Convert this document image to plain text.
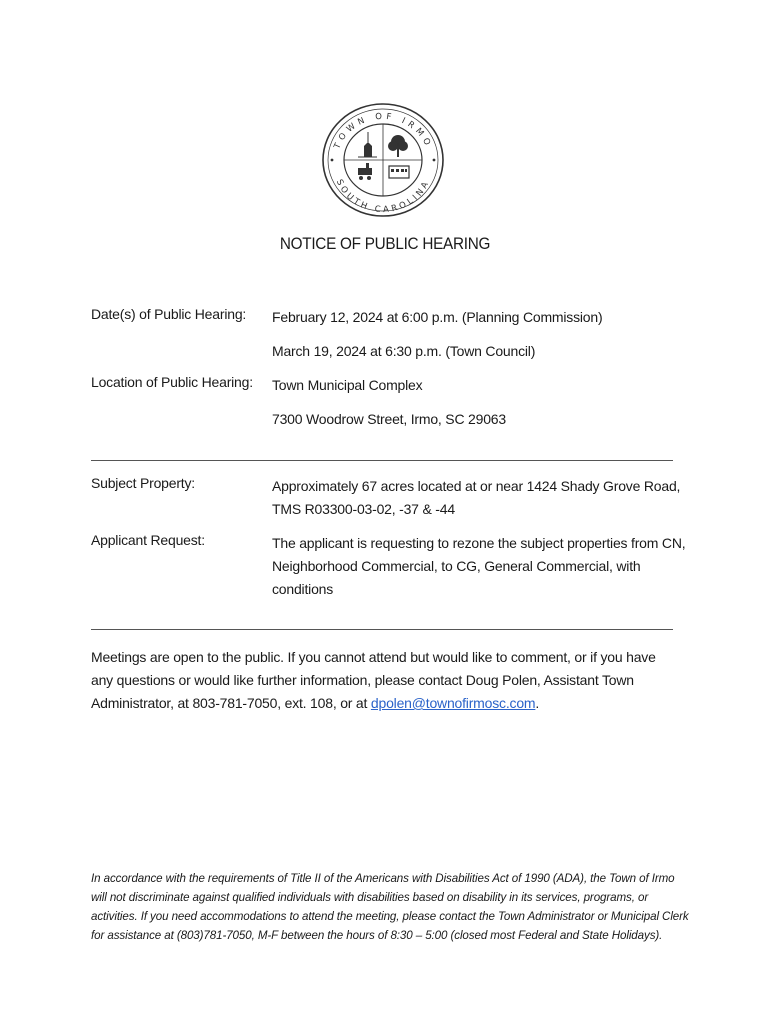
TOWN OF IRMO
SOUTH CAROLINA
NOTICE OF PUBLIC HEARING
Date(s) of Public Hearing: February 12, 2024 at 6:00 p.m. (Planning Commission)
March 19, 2024 at 6:30 p.m. (Town Council)
Location of Public Hearing: Town Municipal Complex
7300 Woodrow Street, Irmo, SC 29063
Subject Property:	Approximately 67 acres located at or near 1424 Shady Grove Road, TMS R03300-03-02, -37 & -44
Applicant Request:	The applicant is requesting to rezone the subject properties from CN, Neighborhood Commercial, to CG, General Commercial, with conditions
Meetings are open to the public. If you cannot attend but would like to comment, or if you have any questions or would like further information, please contact Doug Polen, Assistant Town Administrator, at 803-781-7050, ext. 108, or at dpolen@townofirmosc.com.
In accordance with the requirements of Title II of the Americans with Disabilities Act of 1990 (ADA), the Town of Irmo will not discriminate against qualified individuals with disabilities based on disability in its services, programs, or activities. If you need accommodations to attend the meeting, please contact the Town Administrator or Municipal Clerk for assistance at (803)781-7050, M-F between the hours of 8:30 – 5:00 (closed most Federal and State Holidays).
